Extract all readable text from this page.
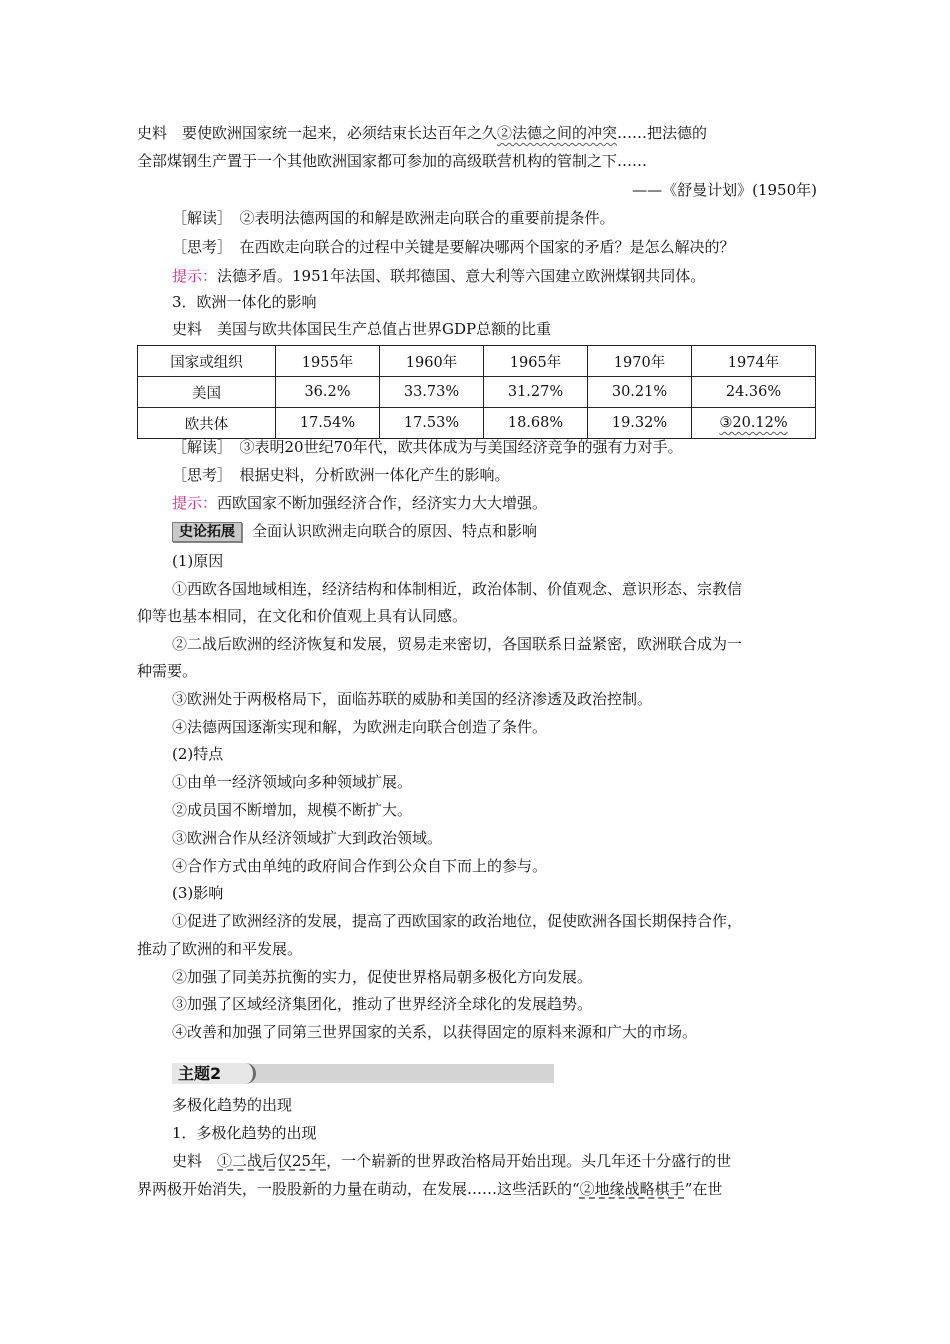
史料　要使欧洲国家统一起来，必须结束长达百年之久②法德之间的冲突……把法德的
全部煤钢生产置于一个其他欧洲国家都可参加的高级联营机构的管制之下……
——《舒曼计划》(1950年)
［解读］　②表明法德两国的和解是欧洲走向联合的重要前提条件。
［思考］　在西欧走向联合的过程中关键是要解决哪两个国家的矛盾？是怎么解决的？
提示：法德矛盾。1951年法国、联邦德国、意大利等六国建立欧洲煤钢共同体。
3．欧洲一体化的影响
史料　美国与欧共体国民生产总值占世界GDP总额的比重
国家或组织	1955年	1960年	1965年	1970年	1974年
美国	36.2%	33.73%	31.27%	30.21%	24.36%
欧共体	17.54%	17.53%	18.68%	19.32%	③20.12%
［解读］　③表明20世纪70年代，欧共体成为与美国经济竞争的强有力对手。
［思考］　根据史料，分析欧洲一体化产生的影响。
提示：西欧国家不断加强经济合作，经济实力大大增强。
史论拓展 全面认识欧洲走向联合的原因、特点和影响
(1)原因
①西欧各国地域相连，经济结构和体制相近，政治体制、价值观念、意识形态、宗教信
仰等也基本相同，在文化和价值观上具有认同感。
②二战后欧洲的经济恢复和发展，贸易走来密切，各国联系日益紧密，欧洲联合成为一
种需要。
③欧洲处于两极格局下，面临苏联的威胁和美国的经济渗透及政治控制。
④法德两国逐渐实现和解，为欧洲走向联合创造了条件。
(2)特点
①由单一经济领域向多种领域扩展。
②成员国不断增加，规模不断扩大。
③欧洲合作从经济领域扩大到政治领域。
④合作方式由单纯的政府间合作到公众自下而上的参与。
(3)影响
①促进了欧洲经济的发展，提高了西欧国家的政治地位，促使欧洲各国长期保持合作，
推动了欧洲的和平发展。
②加强了同美苏抗衡的实力，促使世界格局朝多极化方向发展。
③加强了区域经济集团化，推动了世界经济全球化的发展趋势。
④改善和加强了同第三世界国家的关系，以获得固定的原料来源和广大的市场。
主题2
多极化趋势的出现
1．多极化趋势的出现
史料　①二战后仅25年，一个崭新的世界政治格局开始出现。头几年还十分盛行的世
界两极开始消失，一股股新的力量在萌动，在发展……这些活跃的“②地缘战略棋手”在世
